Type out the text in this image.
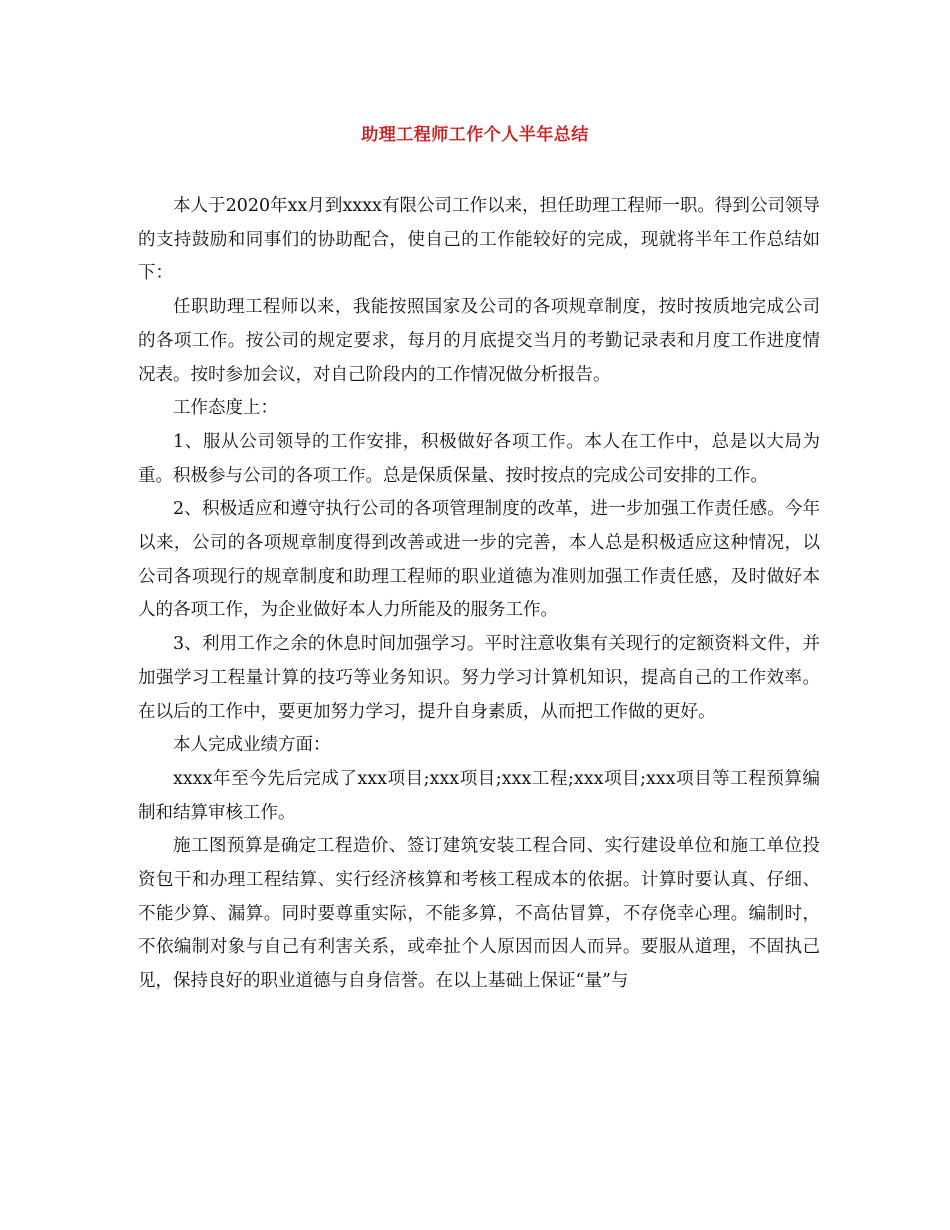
助理工程师工作个人半年总结

本人于2020年xx月到xxxx有限公司工作以来，担任助理工程师一职。得到公司领导的支持鼓励和同事们的协助配合，使自己的工作能较好的完成，现就将半年工作总结如下：

任职助理工程师以来，我能按照国家及公司的各项规章制度，按时按质地完成公司的各项工作。按公司的规定要求，每月的月底提交当月的考勤记录表和月度工作进度情况表。按时参加会议，对自己阶段内的工作情况做分析报告。

工作态度上：

1、服从公司领导的工作安排，积极做好各项工作。本人在工作中，总是以大局为重。积极参与公司的各项工作。总是保质保量、按时按点的完成公司安排的工作。

2、积极适应和遵守执行公司的各项管理制度的改革，进一步加强工作责任感。今年以来，公司的各项规章制度得到改善或进一步的完善，本人总是积极适应这种情况，以公司各项现行的规章制度和助理工程师的职业道德为准则加强工作责任感，及时做好本人的各项工作，为企业做好本人力所能及的服务工作。

3、利用工作之余的休息时间加强学习。平时注意收集有关现行的定额资料文件，并加强学习工程量计算的技巧等业务知识。努力学习计算机知识，提高自己的工作效率。在以后的工作中，要更加努力学习，提升自身素质，从而把工作做的更好。

本人完成业绩方面：

xxxx年至今先后完成了xxx项目;xxx项目;xxx工程;xxx项目;xxx项目等工程预算编制和结算审核工作。

施工图预算是确定工程造价、签订建筑安装工程合同、实行建设单位和施工单位投资包干和办理工程结算、实行经济核算和考核工程成本的依据。计算时要认真、仔细、不能少算、漏算。同时要尊重实际，不能多算，不高估冒算，不存侥幸心理。编制时，不依编制对象与自己有利害关系，或牵扯个人原因而因人而异。要服从道理，不固执己见，保持良好的职业道德与自身信誉。在以上基础上保证“量”与
